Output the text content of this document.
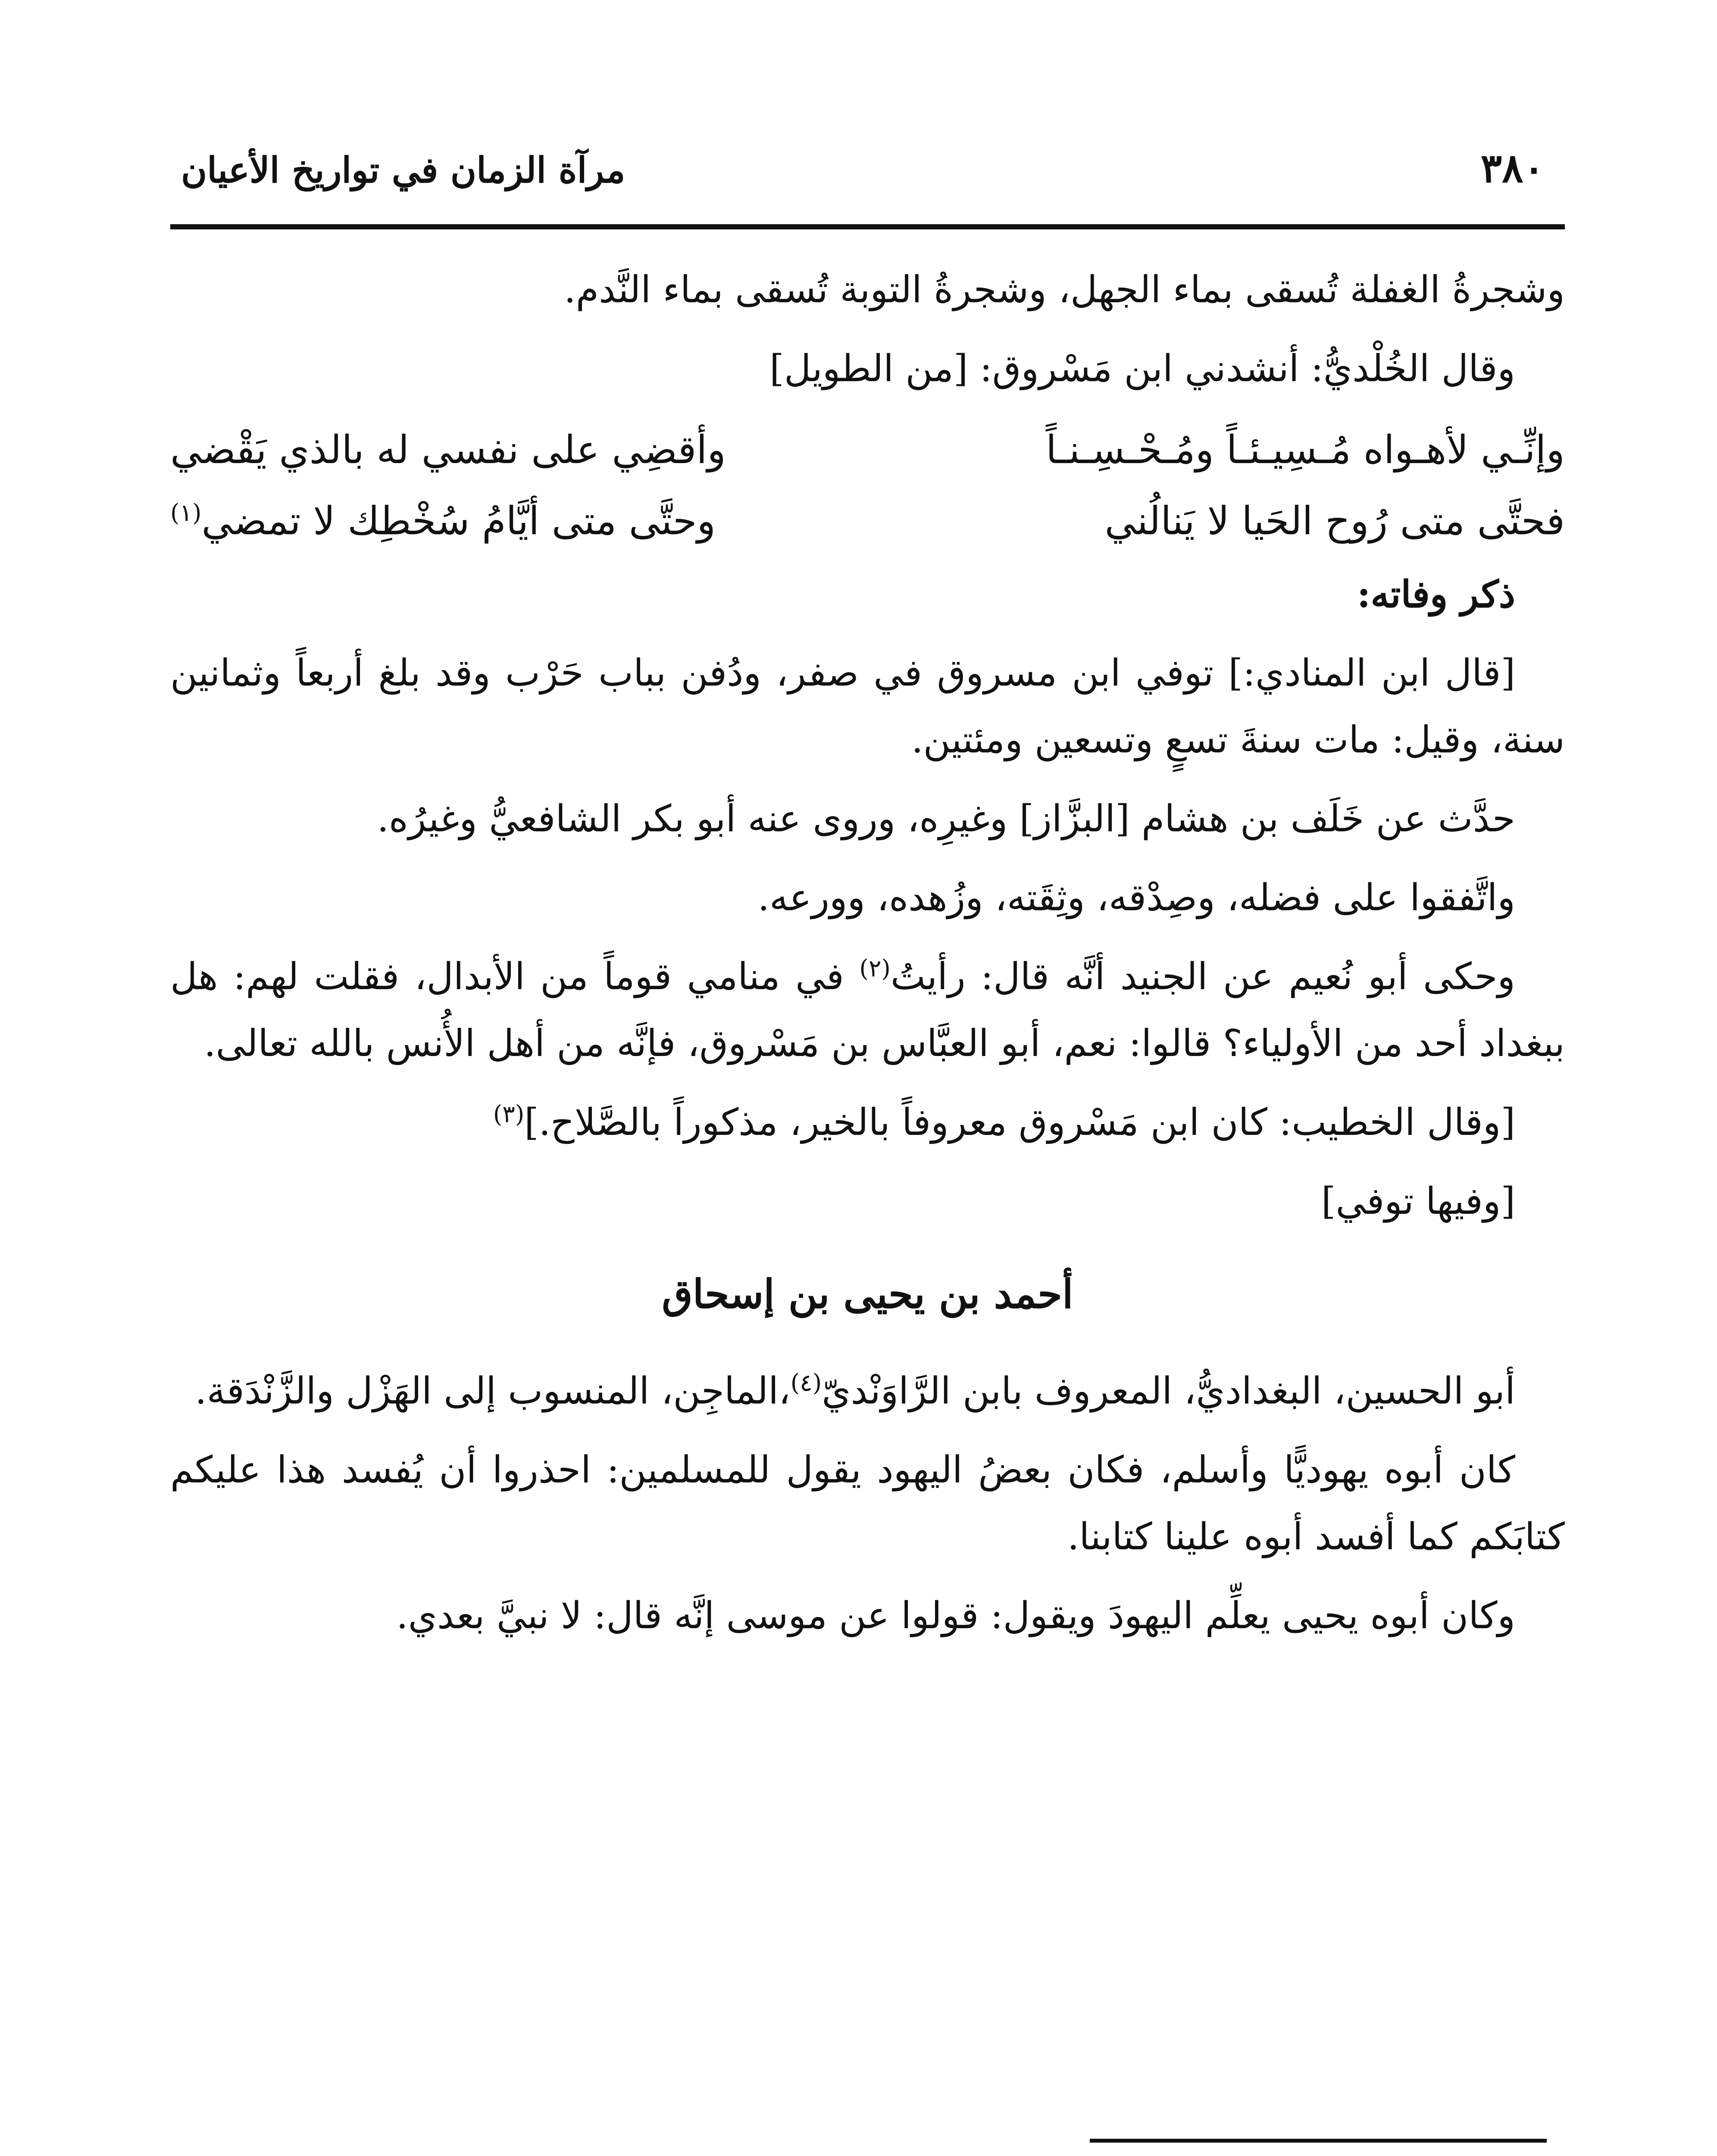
٣٨٠
مرآة الزمان في تواريخ الأعيان

وشجرةُ الغفلة تُسقى بماء الجهل، وشجرةُ التوبة تُسقى بماء النَّدم.

وقال الخُلْديُّ: أنشدني ابن مَسْروق: [من الطويل]

وإنِّـي لأهـواه مُـسِيـئـاً ومُـحْـسِـنـاً
وأقضِي على نفسي له بالذي يَقْضي
فحتَّى متى رُوح الحَيا لا يَنالُني
وحتَّى متى أيَّامُ سُخْطِك لا تمضي$^{(١)}$

ذكر وفاته:

[قال ابن المنادي:] توفي ابن مسروق في صفر، ودُفن بباب حَرْب وقد بلغ أربعاً وثمانين سنة، وقيل: مات سنةَ تسعٍ وتسعين ومئتين.

حدَّث عن خَلَف بن هشام [البزَّاز] وغيرِه، وروى عنه أبو بكر الشافعيُّ وغيرُه.

واتَّفقوا على فضله، وصِدْقه، وثِقَته، وزُهده، وورعه.

وحكى أبو نُعيم عن الجنيد أنَّه قال: رأيتُ$^{(٢)}$ في منامي قوماً من الأبدال، فقلت لهم: هل ببغداد أحد من الأولياء؟ قالوا: نعم، أبو العبَّاس بن مَسْروق، فإنَّه من أهل الأُنس بالله تعالى.

[وقال الخطيب: كان ابن مَسْروق معروفاً بالخير، مذكوراً بالصَّلاح.]$^{(٣)}$

[وفيها توفي]

أحمد بن يحيى بن إسحاق

أبو الحسين، البغداديُّ، المعروف بابن الرَّاوَنْديّ$^{(٤)}$،الماجِن، المنسوب إلى الهَزْل والزَّنْدَقة.

كان أبوه يهوديًّا وأسلم، فكان بعضُ اليهود يقول للمسلمين: احذروا أن يُفسد هذا عليكم كتابَكم كما أفسد أبوه علينا كتابنا.

وكان أبوه يحيى يعلِّم اليهودَ ويقول: قولوا عن موسى إنَّه قال: لا نبيَّ بعدي.
